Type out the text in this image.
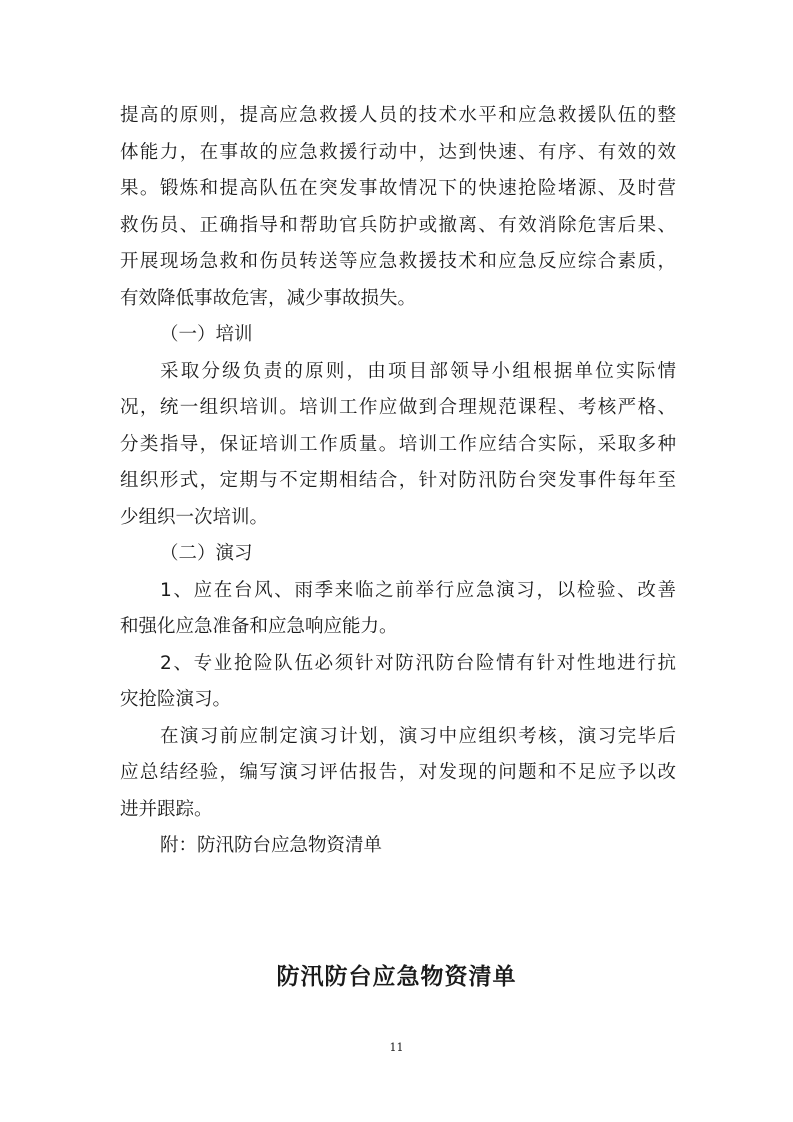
提高的原则，提高应急救援人员的技术水平和应急救援队伍的整
体能力，在事故的应急救援行动中，达到快速、有序、有效的效
果。锻炼和提高队伍在突发事故情况下的快速抢险堵源、及时营
救伤员、正确指导和帮助官兵防护或撤离、有效消除危害后果、
开展现场急救和伤员转送等应急救援技术和应急反应综合素质，
有效降低事故危害，减少事故损失。
（一）培训
采取分级负责的原则，由项目部领导小组根据单位实际情
况，统一组织培训。培训工作应做到合理规范课程、考核严格、
分类指导，保证培训工作质量。培训工作应结合实际，采取多种
组织形式，定期与不定期相结合，针对防汛防台突发事件每年至
少组织一次培训。
（二）演习
1、应在台风、雨季来临之前举行应急演习，以检验、改善
和强化应急准备和应急响应能力。
2、专业抢险队伍必须针对防汛防台险情有针对性地进行抗
灾抢险演习。
在演习前应制定演习计划，演习中应组织考核，演习完毕后
应总结经验，编写演习评估报告，对发现的问题和不足应予以改
进并跟踪。
附：防汛防台应急物资清单
防汛防台应急物资清单
11
